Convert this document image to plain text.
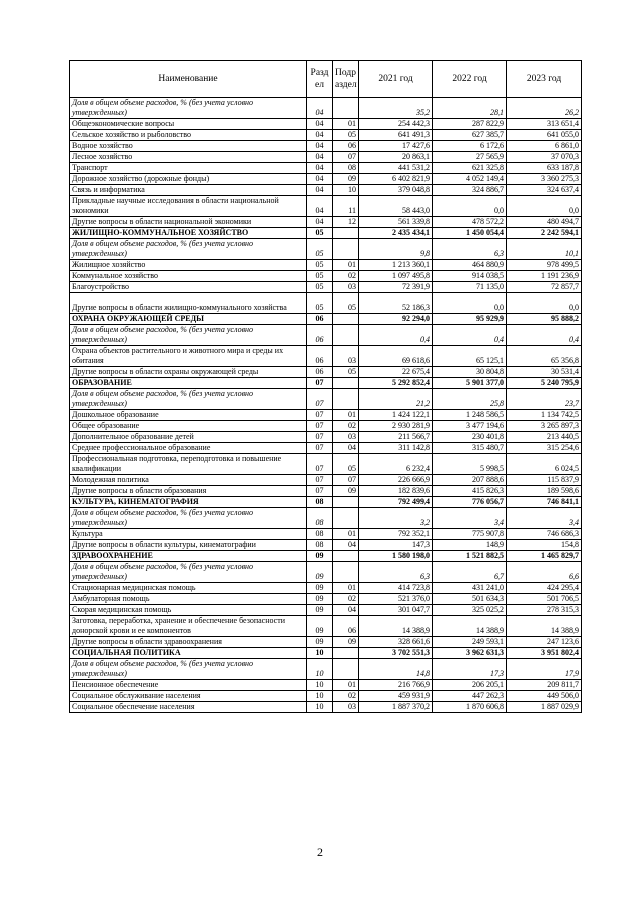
Наименование	Разд ел	Подр аздел	2021 год	2022 год	2023 год
Доля в общем объеме расходов, % (без учета условно утвержденных)	04		35,2	28,1	26,2
Общеэкономические вопросы	04	01	254 442,3	287 822,9	313 651,4
Сельское хозяйство и рыболовство	04	05	641 491,3	627 385,7	641 055,0
Водное хозяйство	04	06	17 427,6	6 172,6	6 861,0
Лесное хозяйство	04	07	20 863,1	27 565,9	37 070,3
Транспорт	04	08	441 531,2	621 325,8	633 187,8
Дорожное хозяйство (дорожные фонды)	04	09	6 402 821,9	4 052 149,4	3 360 275,3
Связь и информатика	04	10	379 048,8	324 886,7	324 637,4
Прикладные научные исследования в области национальной экономики	04	11	58 443,0	0,0	0,0
Другие вопросы в области национальной экономики	04	12	561 339,8	478 572,2	480 494,7
ЖИЛИЩНО-КОММУНАЛЬНОЕ ХОЗЯЙСТВО	05		2 435 434,1	1 450 054,4	2 242 594,1
Доля в общем объеме расходов, % (без учета условно утвержденных)	05		9,8	6,3	10,1
Жилищное хозяйство	05	01	1 213 360,1	464 880,9	978 499,5
Коммунальное хозяйство	05	02	1 097 495,8	914 038,5	1 191 236,9
Благоустройство	05	03	72 391,9	71 135,0	72 857,7
Другие вопросы в области жилищно-коммунального хозяйства	05	05	52 186,3	0,0	0,0
ОХРАНА ОКРУЖАЮЩЕЙ СРЕДЫ	06		92 294,0	95 929,9	95 888,2
Доля в общем объеме расходов, % (без учета условно утвержденных)	06		0,4	0,4	0,4
Охрана объектов растительного и животного мира и среды их обитания	06	03	69 618,6	65 125,1	65 356,8
Другие вопросы в области охраны окружающей среды	06	05	22 675,4	30 804,8	30 531,4
ОБРАЗОВАНИЕ	07		5 292 852,4	5 901 377,0	5 240 795,9
Доля в общем объеме расходов, % (без учета условно утвержденных)	07		21,2	25,8	23,7
Дошкольное образование	07	01	1 424 122,1	1 248 586,5	1 134 742,5
Общее образование	07	02	2 930 281,9	3 477 194,6	3 265 897,3
Дополнительное образование детей	07	03	211 566,7	230 401,8	213 440,5
Среднее профессиональное образование	07	04	311 142,8	315 480,7	315 254,6
Профессиональная подготовка, переподготовка и повышение квалификации	07	05	6 232,4	5 998,5	6 024,5
Молодежная политика	07	07	226 666,9	207 888,6	115 837,9
Другие вопросы в области образования	07	09	182 839,6	415 826,3	189 598,6
КУЛЬТУРА, КИНЕМАТОГРАФИЯ	08		792 499,4	776 056,7	746 841,1
Доля в общем объеме расходов, % (без учета условно утвержденных)	08		3,2	3,4	3,4
Культура	08	01	792 352,1	775 907,8	746 686,3
Другие вопросы в области культуры, кинематографии	08	04	147,3	148,9	154,8
ЗДРАВООХРАНЕНИЕ	09		1 580 198,0	1 521 882,5	1 465 829,7
Доля в общем объеме расходов, % (без учета условно утвержденных)	09		6,3	6,7	6,6
Стационарная медицинская помощь	09	01	414 723,8	431 241,0	424 295,4
Амбулаторная помощь	09	02	521 376,0	501 634,3	501 706,5
Скорая медицинская помощь	09	04	301 047,7	325 025,2	278 315,3
Заготовка, переработка, хранение и обеспечение безопасности донорской крови и ее компонентов	09	06	14 388,9	14 388,9	14 388,9
Другие вопросы в области здравоохранения	09	09	328 661,6	249 593,1	247 123,6
СОЦИАЛЬНАЯ ПОЛИТИКА	10		3 702 551,3	3 962 631,3	3 951 802,4
Доля в общем объеме расходов, % (без учета условно утвержденных)	10		14,8	17,3	17,9
Пенсионное обеспечение	10	01	216 766,9	206 205,1	209 811,7
Социальное обслуживание населения	10	02	459 931,9	447 262,3	449 506,0
Социальное обеспечение населения	10	03	1 887 370,2	1 870 606,8	1 887 029,9
2
